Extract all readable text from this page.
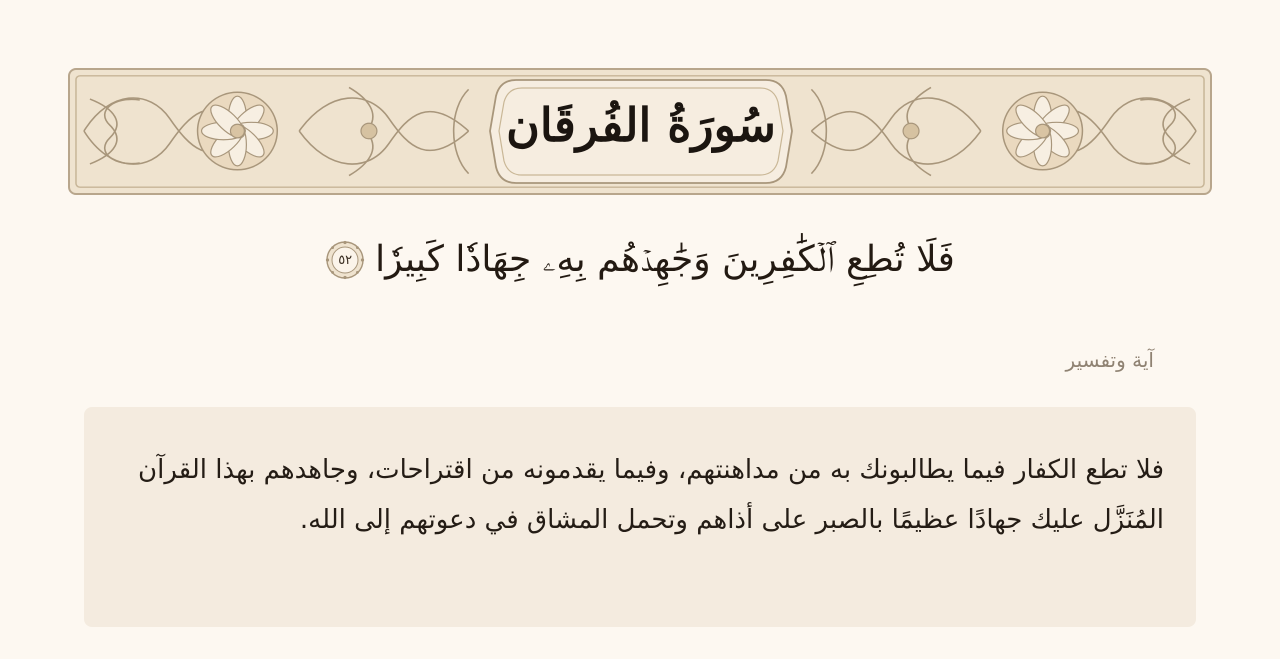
سُورَةُ الفُرقَان
فَلَا تُطِعِ ٱلۡكَٰفِرِينَ وَجَٰهِدۡهُم بِهِۦ جِهَادٗا كَبِيرٗا
٥٢
آية وتفسير

فلا تطع الكفار فيما يطالبونك به من مداهنتهم، وفيما يقدمونه من اقتراحات، وجاهدهم بهذا القرآن المُنَزَّل عليك جهادًا عظيمًا بالصبر على أذاهم وتحمل المشاق في دعوتهم إلى الله.
